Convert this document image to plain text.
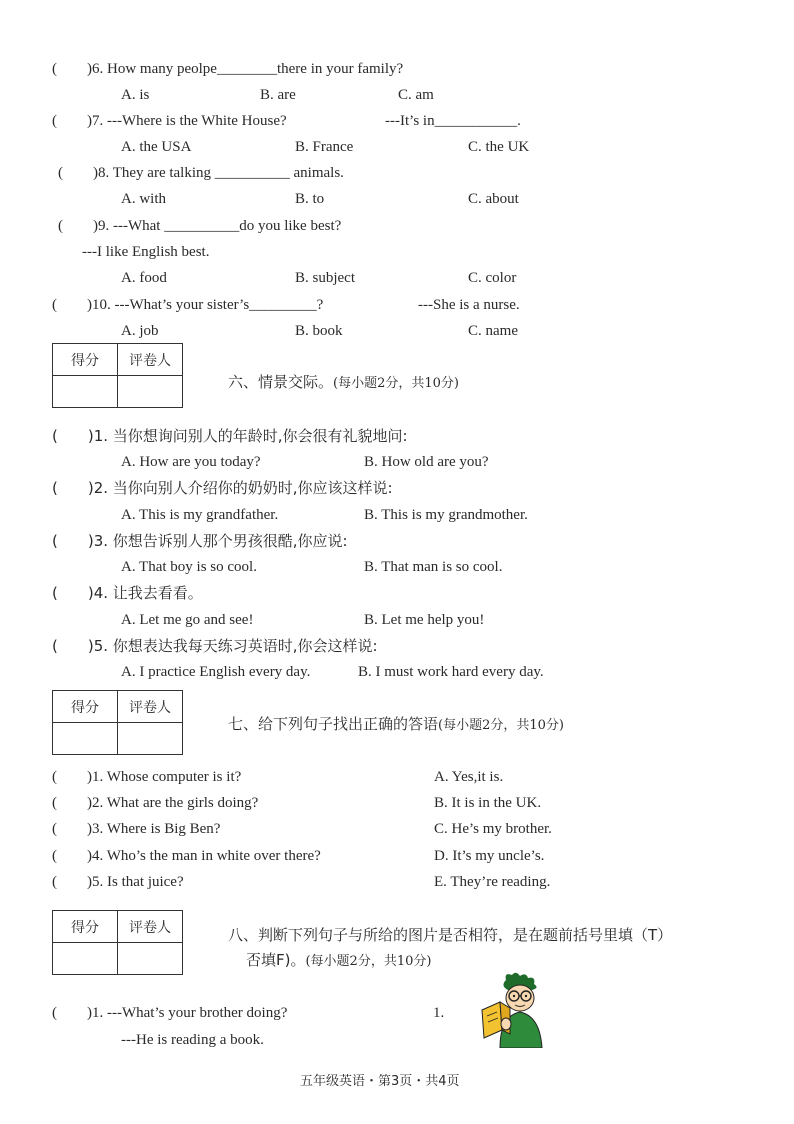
(　　)6. How many peolpe________there in your family?
A. is	B. are	C. am
(　　)7. ---Where is the White House?	---It’s in___________.
A. the USA	B. France	C. the UK
(　　)8. They are talking __________ animals.
A. with	B. to	C. about
(　　)9. ---What __________do you like best?
---I like English best.
A. food	B. subject	C. color
(　　)10. ---What’s your sister’s_________?	---She is a nurse.
A. job	B. book	C. name
得分	评卷人

六、情景交际。(每小题2分，共10分)
(　　)1. 当你想询问别人的年龄时,你会很有礼貌地问:
A. How are you today?	B. How old are you?
(　　)2. 当你向别人介绍你的奶奶时,你应该这样说:
A. This is my grandfather.	B. This is my grandmother.
(　　)3. 你想告诉别人那个男孩很酷,你应说:
A. That boy is so cool.	B. That man is so cool.
(　　)4. 让我去看看。
A. Let me go and see!	B. Let me help you!
(　　)5. 你想表达我每天练习英语时,你会这样说:
A. I practice English every day.	B. I must work hard every day.
得分	评卷人

七、给下列句子找出正确的答语(每小题2分，共10分)
(　　)1. Whose computer is it?	A. Yes,it is.
(　　)2. What are the girls doing?	B. It is in the UK.
(　　)3. Where is Big Ben?	C. He’s my brother.
(　　)4. Who’s the man in white over there?	D. It’s my uncle’s.
(　　)5. Is that juice?	E. They’re reading.
得分	评卷人
		八、判断下列句子与所给的图片是否相符，是在题前括号里填（T）
否填F)。(每小题2分，共10分)
(　　)1. ---What’s your brother doing?
---He is reading a book.
1.
五年级英语・第3页・共4页
